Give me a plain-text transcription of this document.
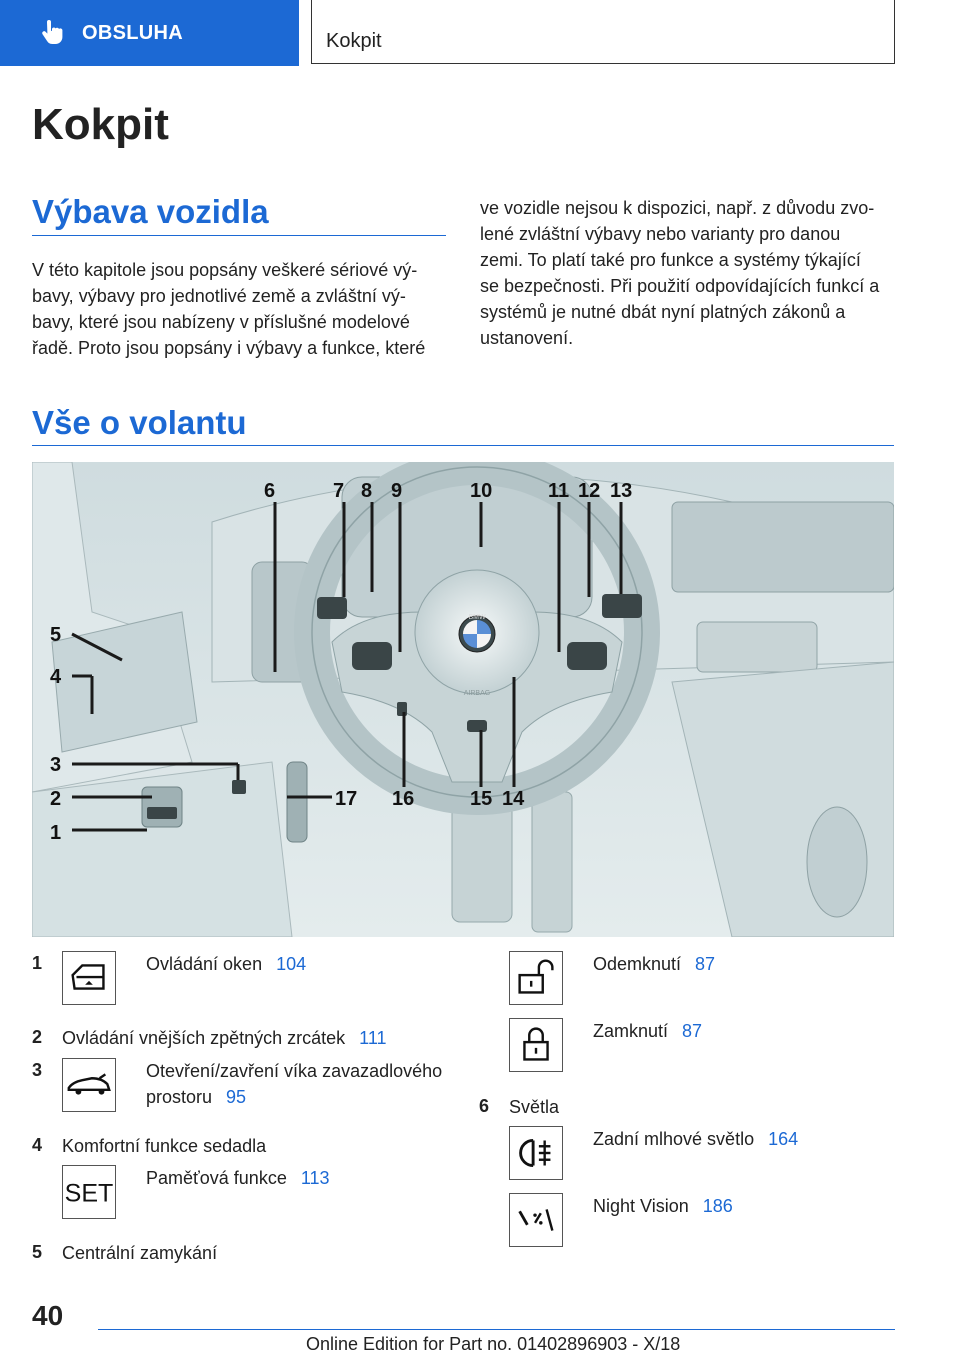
OBSLUHA	Kokpit
Kokpit
Výbava vozidla
V této kapitole jsou popsány veškeré sériové vý‐
bavy, výbavy pro jednotlivé země a zvláštní vý‐
bavy, které jsou nabízeny v příslušné modelové
řadě. Proto jsou popsány i výbavy a funkce, které
ve vozidle nejsou k dispozici, např. z důvodu zvo‐
lené zvláštní výbavy nebo varianty pro danou
zemi. To platí také pro funkce a systémy týkající
se bezpečnosti. Při použití odpovídajících funkcí a
systémů je nutné dbát nyní platných zákonů a
ustanovení.
Vše o volantu
BMW
AIRBAG
1
2
3
4
5
6	7 8 9	10	11 12 13
14
15
16
17
1	Ovládání oken 104
2 Ovládání vnějších zpětných zrcátek 111
3	Otevření/zavření víka zavazadlového
prostoru 95
4 Komfortní funkce sedadla
SET
Paměťová funkce 113
5 Centrální zamykání
Odemknutí 87
Zamknutí 87
6 Světla
Zadní mlhové světlo 164
Night Vision 186
40
Online Edition for Part no. 01402896903 - X/18
